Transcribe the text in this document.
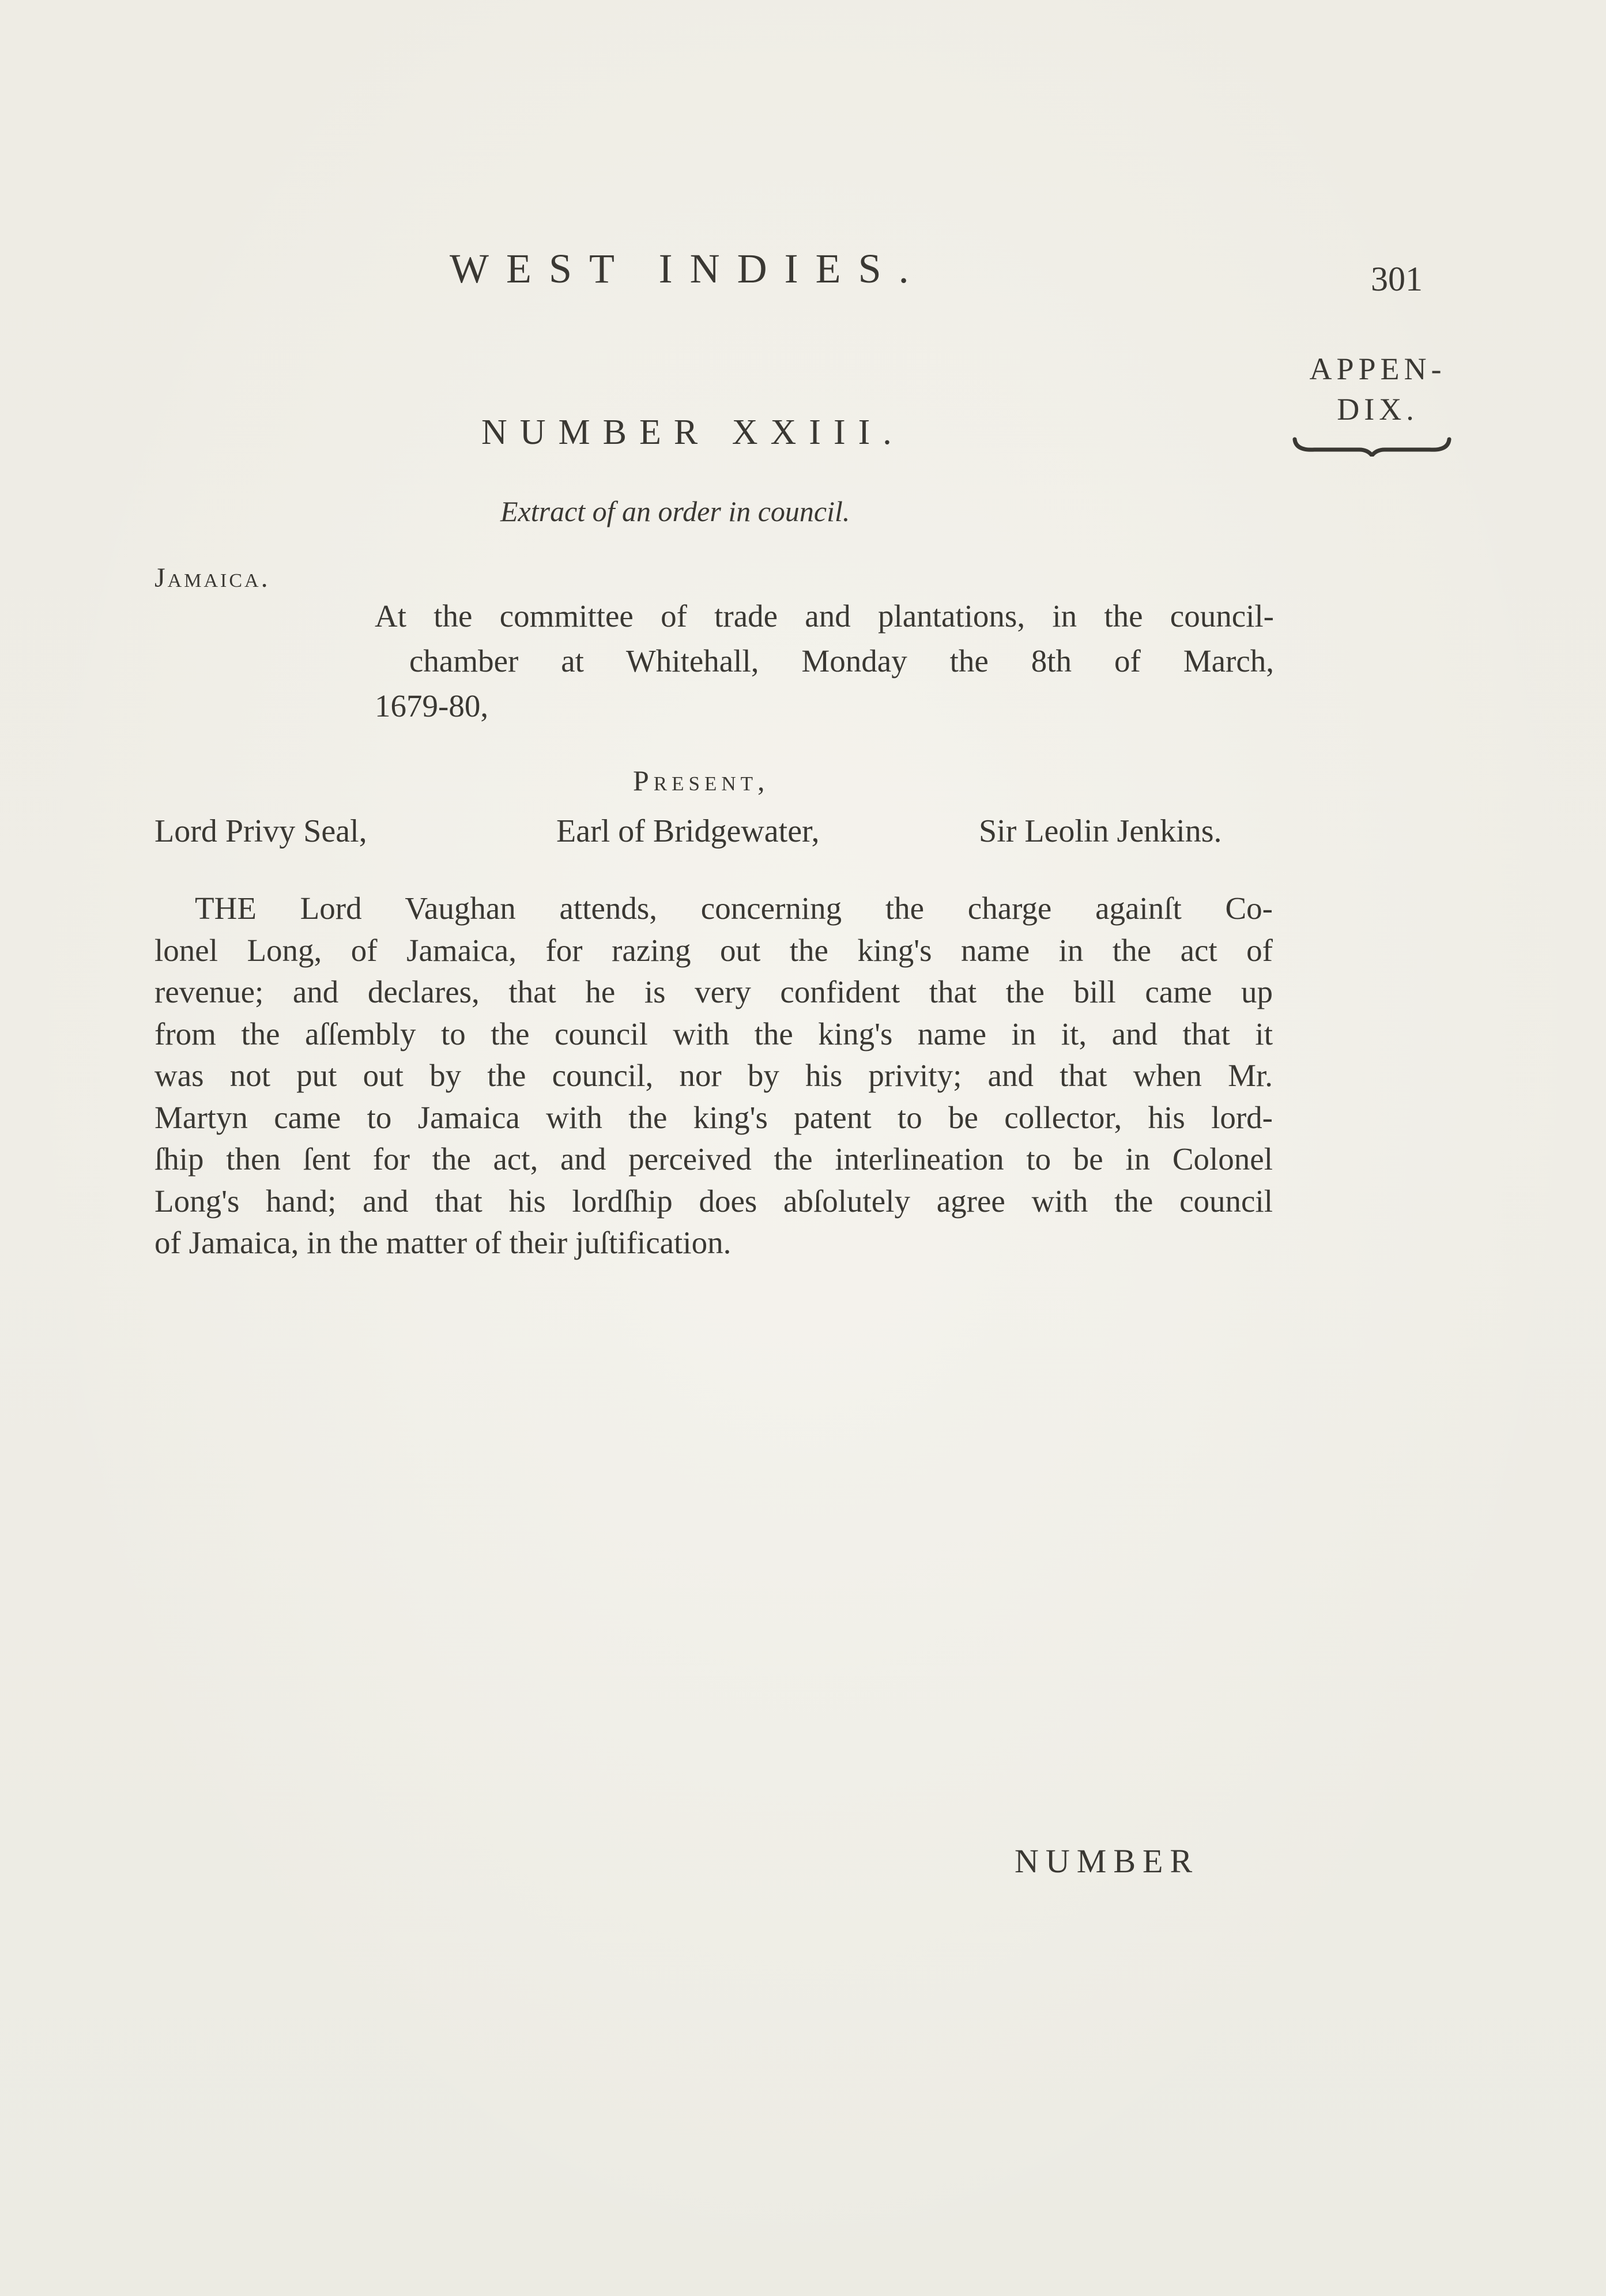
WEST INDIES.	301
APPEN- DIX.
NUMBER XXIII.
Extract of an order in council.
Jamaica.
At the committee of trade and plantations, in the council-
chamber at Whitehall, Monday the 8th of March,
1679-80,
Present,
Lord Privy Seal,	Earl of Bridgewater,	Sir Leolin Jenkins.
THE Lord Vaughan attends, concerning the charge againſt Co-
lonel Long, of Jamaica, for razing out the king's name in the act of
revenue; and declares, that he is very confident that the bill came up
from the aſſembly to the council with the king's name in it, and that it
was not put out by the council, nor by his privity; and that when Mr.
Martyn came to Jamaica with the king's patent to be collector, his lord-
ſhip then ſent for the act, and perceived the interlineation to be in Colonel
Long's hand; and that his lordſhip does abſolutely agree with the council
of Jamaica, in the matter of their juſtification.
NUMBER
